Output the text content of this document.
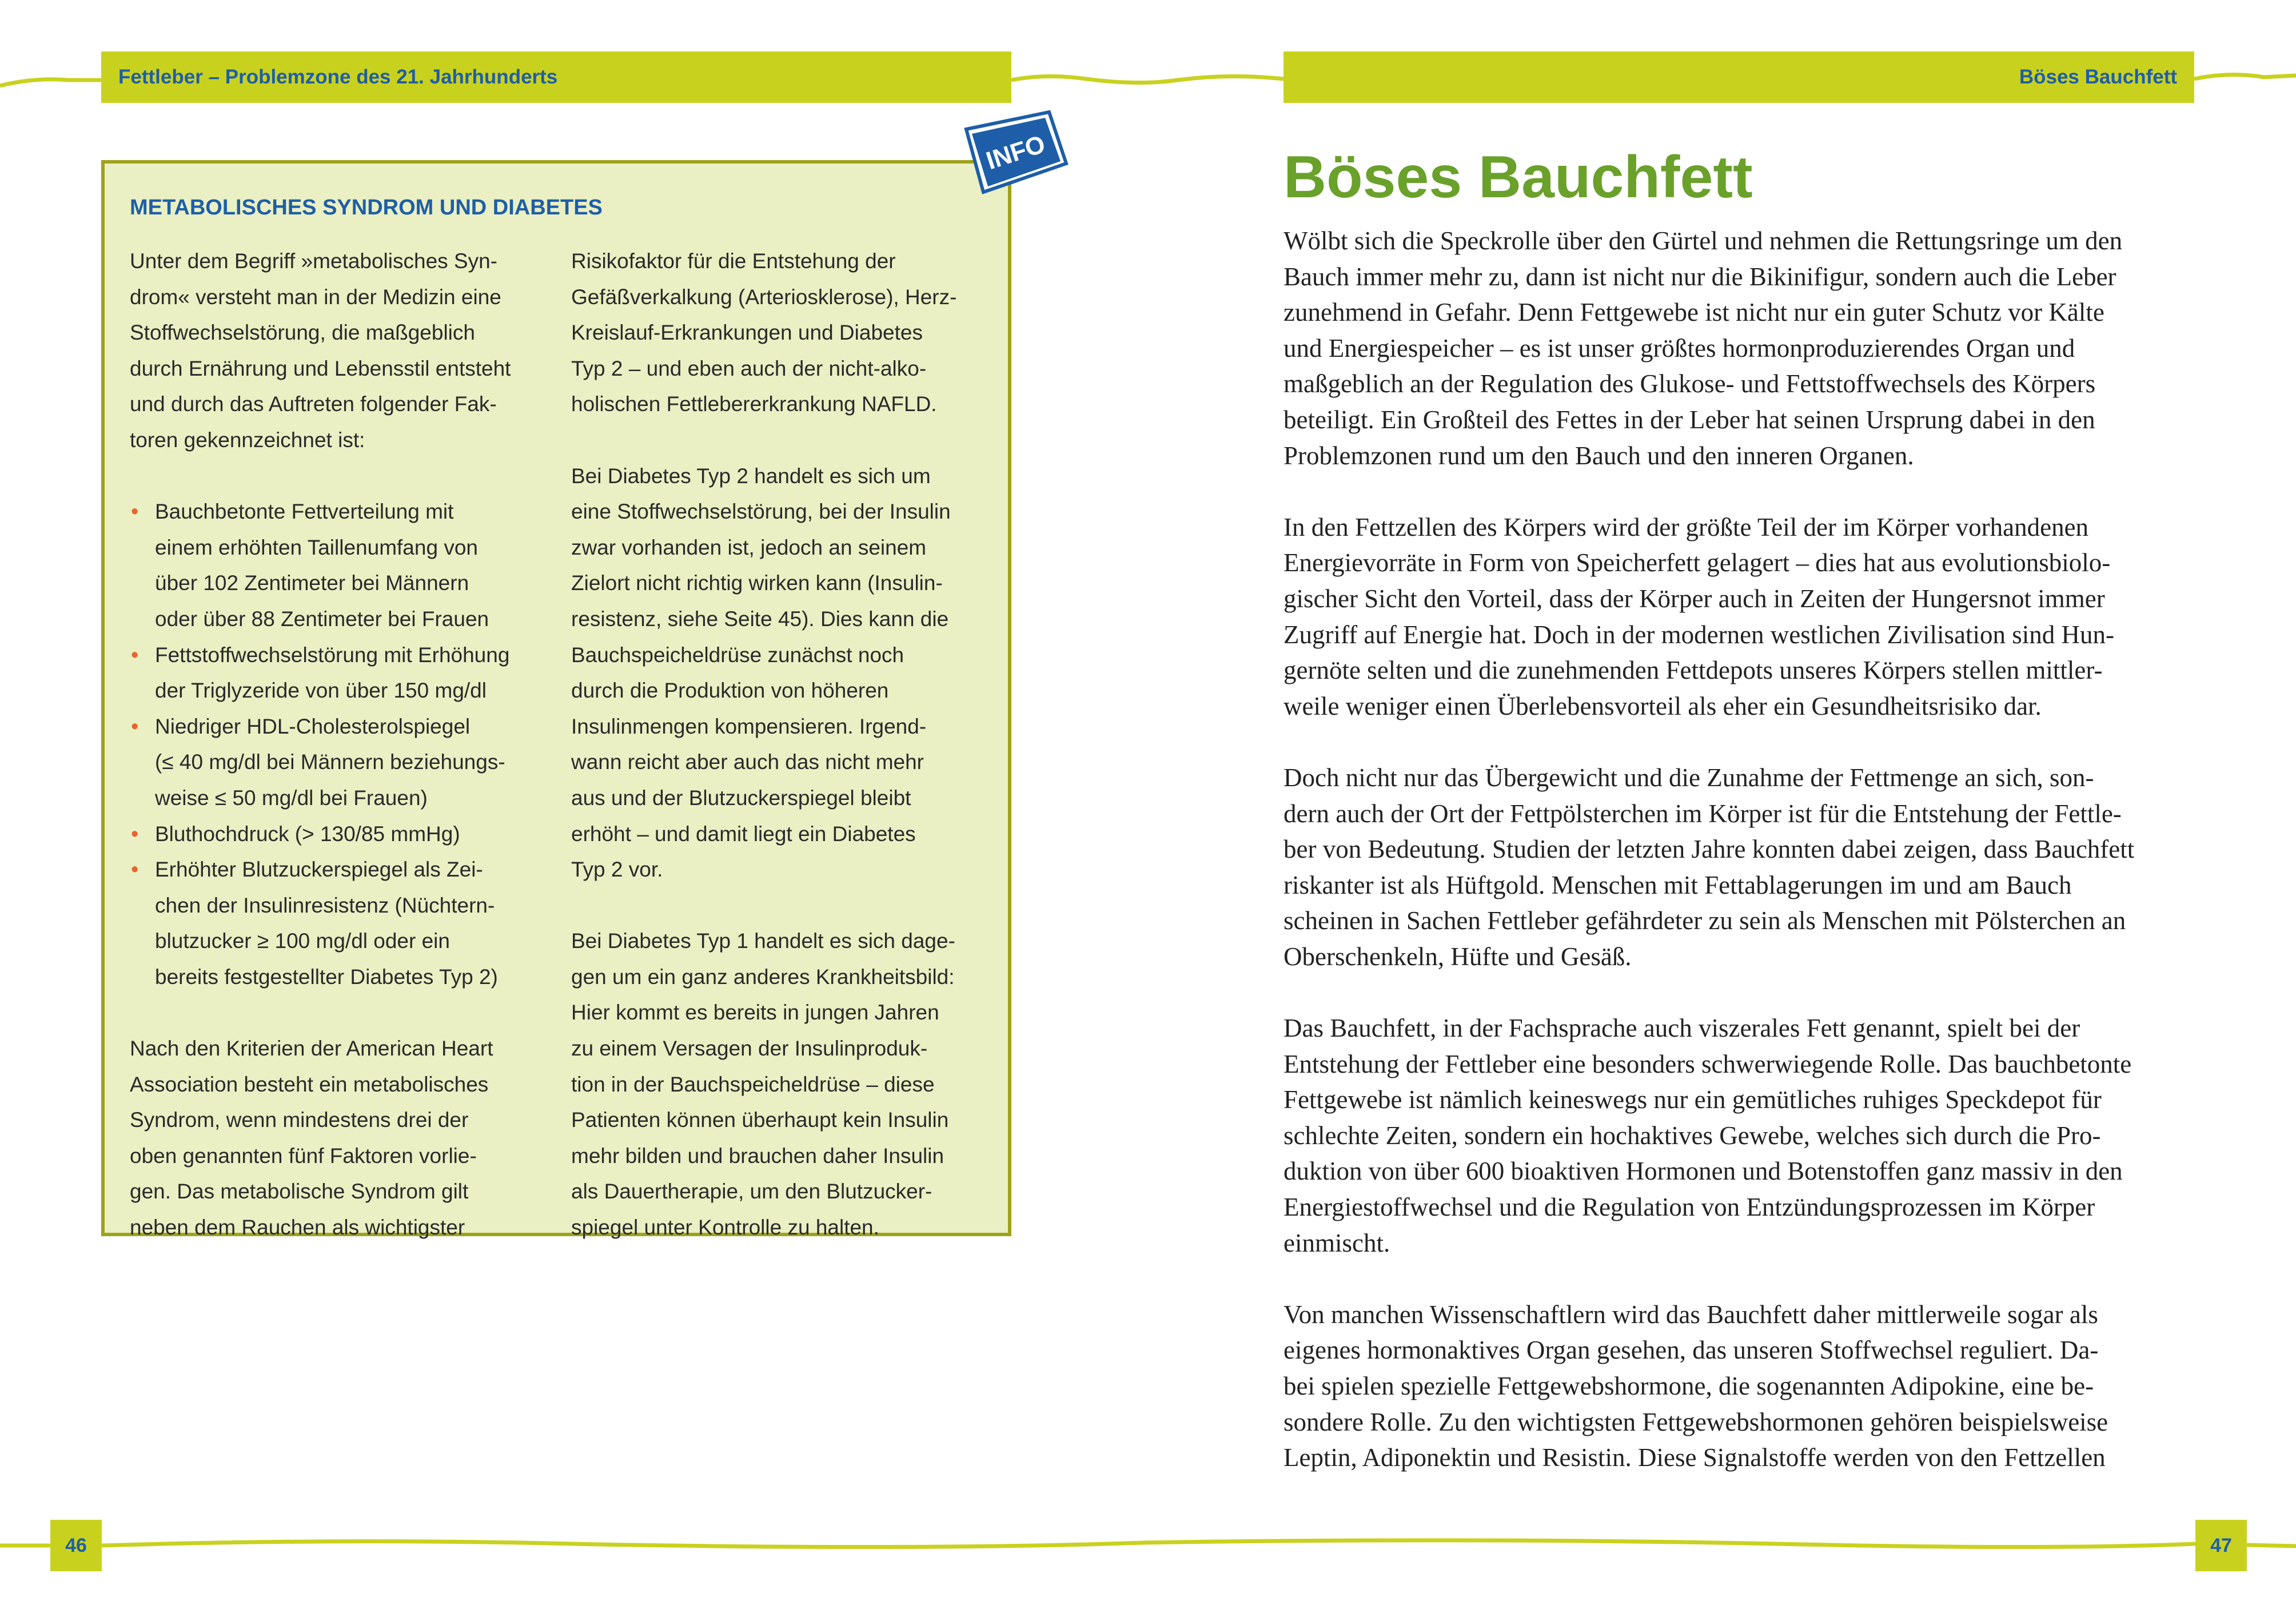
Fettleber – Problemzone des 21. Jahrhunderts	Böses Bauchfett
METABOLISCHES SYNDROM UND DIABETES

Unter dem Begriff »metabolisches Syn-

drom« versteht man in der Medizin eine

Stoffwechselstörung, die maßgeblich

durch Ernährung und Lebensstil entsteht

und durch das Auftreten folgender Fak-

toren gekennzeichnet ist:

• Bauchbetonte Fettverteilung mit

einem erhöhten Taillenumfang von

über 102 Zentimeter bei Männern

oder über 88 Zentimeter bei Frauen

• Fettstoffwechselstörung mit Erhöhung

der Triglyzeride von über 150 mg/dl

• Niedriger HDL-Cholesterolspiegel

(≤ 40 mg/dl bei Männern beziehungs-

weise ≤ 50 mg/dl bei Frauen)

• Bluthochdruck (> 130/85 mmHg)

• Erhöhter Blutzuckerspiegel als Zei-

chen der Insulinresistenz (Nüchtern-

blutzucker ≥ 100 mg/dl oder ein

bereits festgestellter Diabetes Typ 2)

Nach den Kriterien der American Heart

Association besteht ein metabolisches

Syndrom, wenn mindestens drei der

oben genannten fünf Faktoren vorlie-

gen. Das metabolische Syndrom gilt

neben dem Rauchen als wichtigster

Risikofaktor für die Entstehung der

Gefäßverkalkung (Arteriosklerose), Herz-

Kreislauf-Erkrankungen und Diabetes

Typ 2 – und eben auch der nicht-alko-

holischen Fettlebererkrankung NAFLD.

Bei Diabetes Typ 2 handelt es sich um

eine Stoffwechselstörung, bei der Insulin

zwar vorhanden ist, jedoch an seinem

Zielort nicht richtig wirken kann (Insulin-

resistenz, siehe Seite 45). Dies kann die

Bauchspeicheldrüse zunächst noch

durch die Produktion von höheren

Insulinmengen kompensieren. Irgend-

wann reicht aber auch das nicht mehr

aus und der Blutzuckerspiegel bleibt

erhöht – und damit liegt ein Diabetes

Typ 2 vor.

Bei Diabetes Typ 1 handelt es sich dage-

gen um ein ganz anderes Krankheitsbild:

Hier kommt es bereits in jungen Jahren

zu einem Versagen der Insulinproduk-

tion in der Bauchspeicheldrüse – diese

Patienten können überhaupt kein Insulin

mehr bilden und brauchen daher Insulin

als Dauertherapie, um den Blutzucker-

spiegel unter Kontrolle zu halten.

INFO	Böses Bauchfett

Wölbt sich die Speckrolle über den Gürtel und nehmen die Rettungsringe um den

Bauch immer mehr zu, dann ist nicht nur die Bikinifigur, sondern auch die Leber

zunehmend in Gefahr. Denn Fettgewebe ist nicht nur ein guter Schutz vor Kälte

und Energiespeicher – es ist unser größtes hormonproduzierendes Organ und

maßgeblich an der Regulation des Glukose- und Fettstoffwechsels des Körpers

beteiligt. Ein Großteil des Fettes in der Leber hat seinen Ursprung dabei in den

Problemzonen rund um den Bauch und den inneren Organen.

In den Fettzellen des Körpers wird der größte Teil der im Körper vorhandenen

Energievorräte in Form von Speicherfett gelagert – dies hat aus evolutionsbiolo-

gischer Sicht den Vorteil, dass der Körper auch in Zeiten der Hungersnot immer

Zugriff auf Energie hat. Doch in der modernen westlichen Zivilisation sind Hun-

gernöte selten und die zunehmenden Fettdepots unseres Körpers stellen mittler-

weile weniger einen Überlebensvorteil als eher ein Gesundheitsrisiko dar.

Doch nicht nur das Übergewicht und die Zunahme der Fettmenge an sich, son-

dern auch der Ort der Fettpölsterchen im Körper ist für die Entstehung der Fettle-

ber von Bedeutung. Studien der letzten Jahre konnten dabei zeigen, dass Bauchfett

riskanter ist als Hüftgold. Menschen mit Fettablagerungen im und am Bauch

scheinen in Sachen Fettleber gefährdeter zu sein als Menschen mit Pölsterchen an

Oberschenkeln, Hüfte und Gesäß.

Das Bauchfett, in der Fachsprache auch viszerales Fett genannt, spielt bei der

Entstehung der Fettleber eine besonders schwerwiegende Rolle. Das bauchbetonte

Fettgewebe ist nämlich keineswegs nur ein gemütliches ruhiges Speckdepot für

schlechte Zeiten, sondern ein hochaktives Gewebe, welches sich durch die Pro-

duktion von über 600 bioaktiven Hormonen und Botenstoffen ganz massiv in den

Energiestoffwechsel und die Regulation von Entzündungsprozessen im Körper

einmischt.

Von manchen Wissenschaftlern wird das Bauchfett daher mittlerweile sogar als

eigenes hormonaktives Organ gesehen, das unseren Stoffwechsel reguliert. Da-

bei spielen spezielle Fettgewebshormone, die sogenannten Adipokine, eine be-

sondere Rolle. Zu den wichtigsten Fettgewebshormonen gehören beispielsweise

Leptin, Adiponektin und Resistin. Diese Signalstoffe werden von den Fettzellen

46	47
